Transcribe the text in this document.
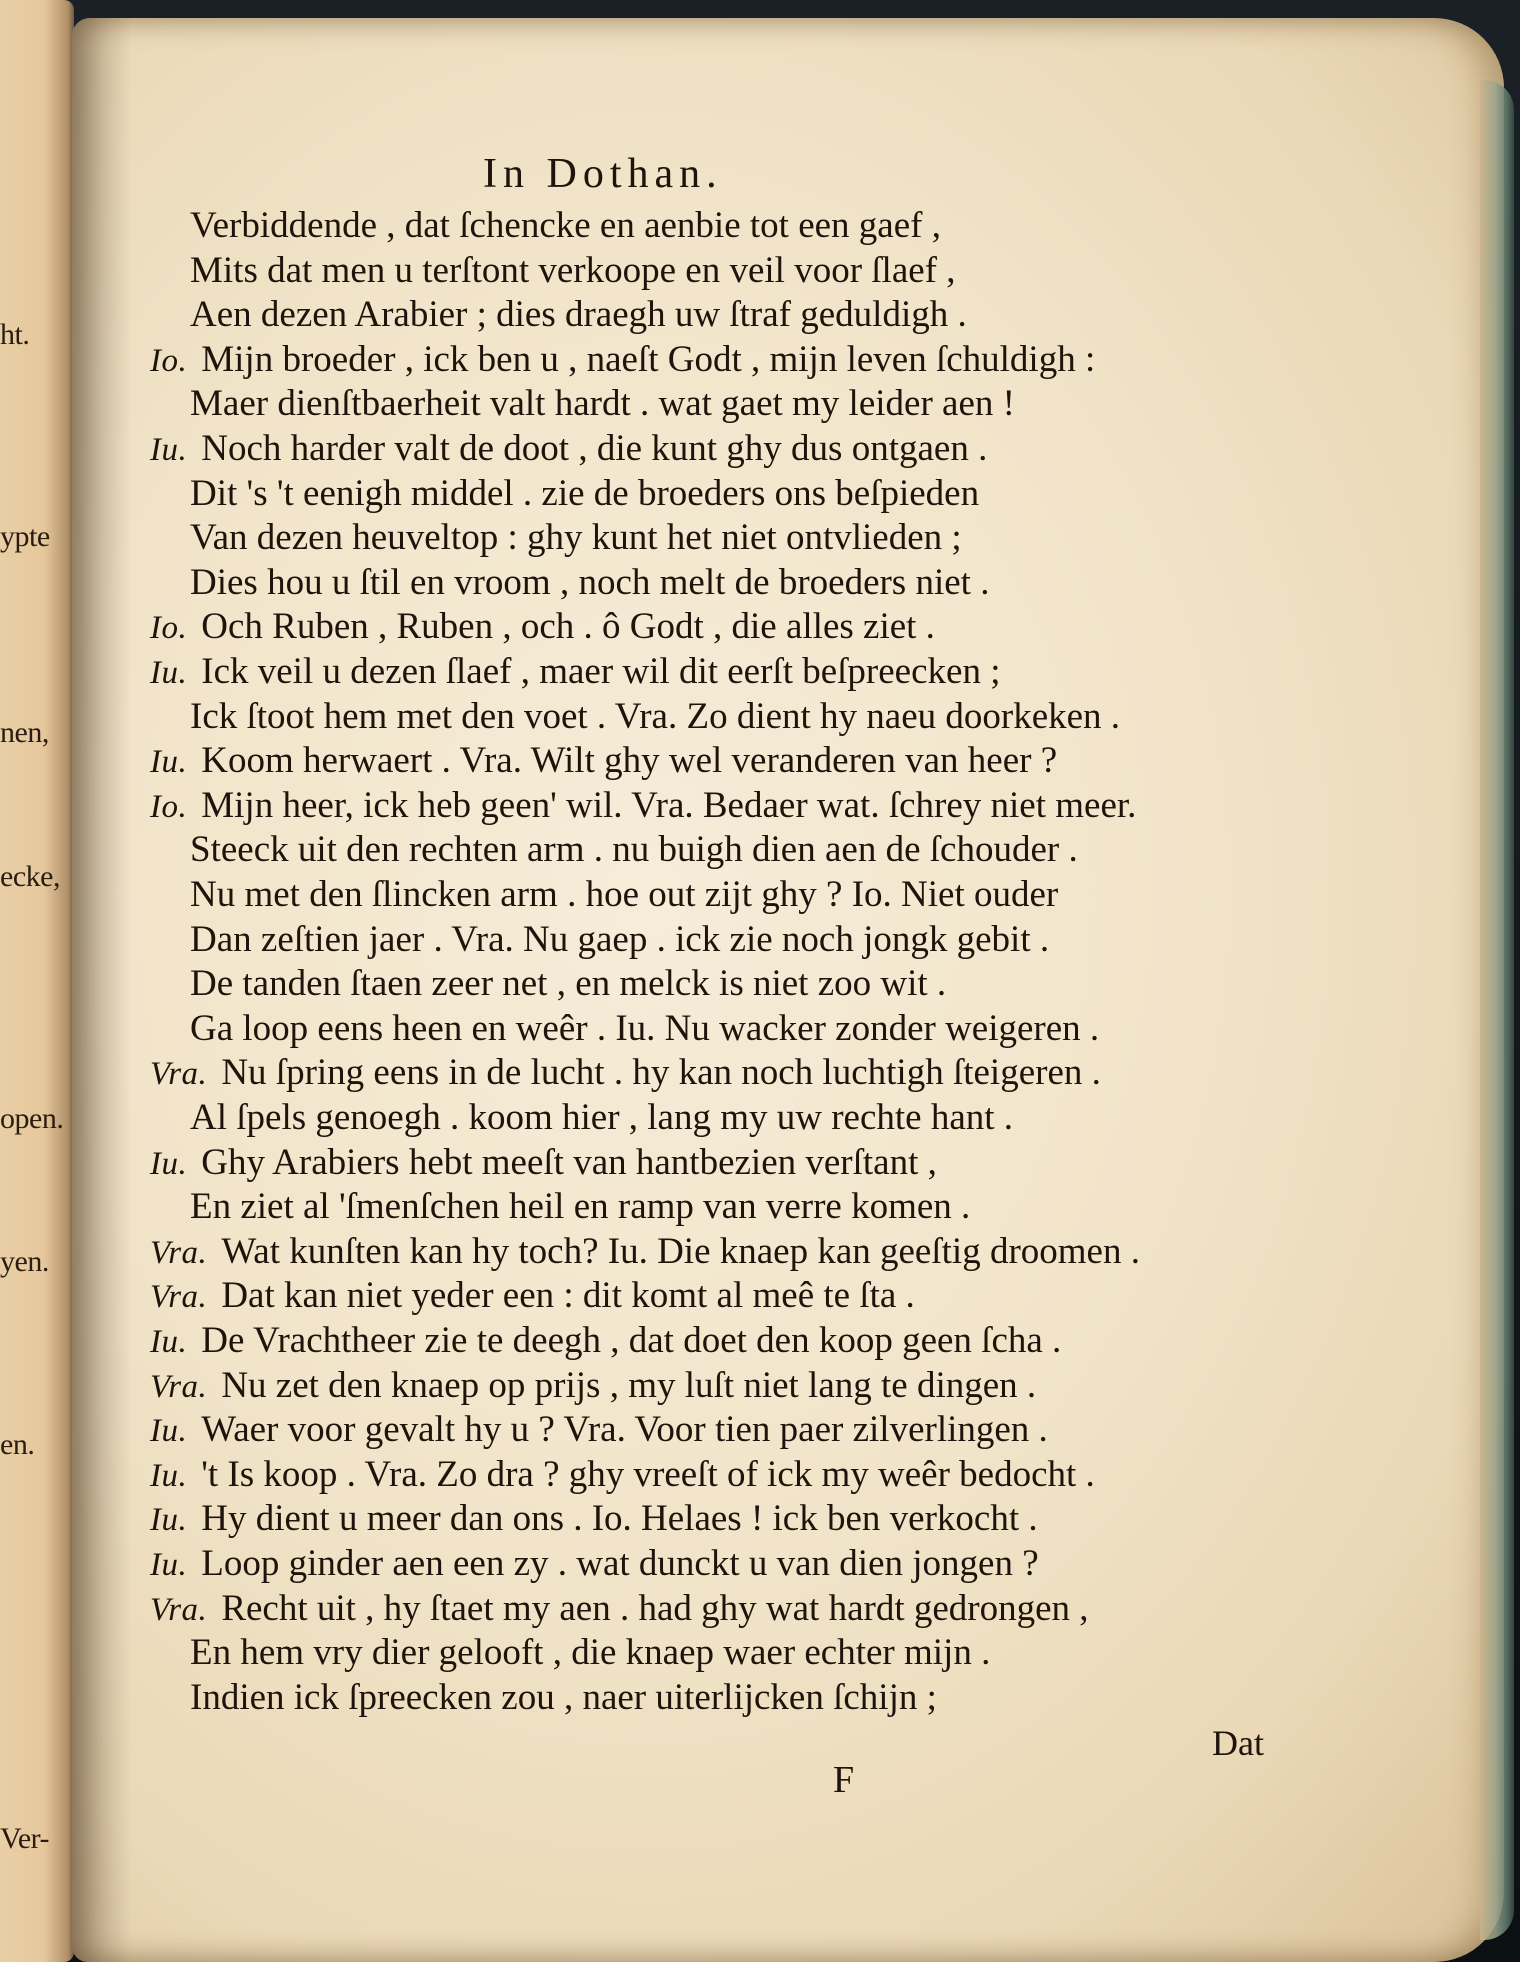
ht.
ypte
nen,
ecke,
open.
yen.
en.
Ver-
In Dothan.
Verbiddende , dat ſchencke en aenbie tot een gaef ,
Mits dat men u terſtont verkoope en veil voor ſlaef ,
Aen dezen Arabier ; dies draegh uw ſtraf geduldigh .
Io. Mijn broeder , ick ben u , naeſt Godt , mijn leven ſchuldigh :
Maer dienſtbaerheit valt hardt . wat gaet my leider aen !
Iu. Noch harder valt de doot , die kunt ghy dus ontgaen .
Dit 's 't eenigh middel . zie de broeders ons beſpieden
Van dezen heuveltop : ghy kunt het niet ontvlieden ;
Dies hou u ſtil en vroom , noch melt de broeders niet .
Io. Och Ruben , Ruben , och . ô Godt , die alles ziet .
Iu. Ick veil u dezen ſlaef , maer wil dit eerſt beſpreecken ;
Ick ſtoot hem met den voet . Vra. Zo dient hy naeu doorkeken .
Iu. Koom herwaert . Vra. Wilt ghy wel veranderen van heer ?
Io. Mijn heer, ick heb geen' wil. Vra. Bedaer wat. ſchrey niet meer.
Steeck uit den rechten arm . nu buigh dien aen de ſchouder .
Nu met den ſlincken arm . hoe out zijt ghy ? Io. Niet ouder
Dan zeſtien jaer . Vra. Nu gaep . ick zie noch jongk gebit .
De tanden ſtaen zeer net , en melck is niet zoo wit .
Ga loop eens heen en weêr . Iu. Nu wacker zonder weigeren .
Vra. Nu ſpring eens in de lucht . hy kan noch luchtigh ſteigeren .
Al ſpels genoegh . koom hier , lang my uw rechte hant .
Iu. Ghy Arabiers hebt meeſt van hantbezien verſtant ,
En ziet al 'ſmenſchen heil en ramp van verre komen .
Vra. Wat kunſten kan hy toch? Iu. Die knaep kan geeſtig droomen .
Vra. Dat kan niet yeder een : dit komt al meê te ſta .
Iu. De Vrachtheer zie te deegh , dat doet den koop geen ſcha .
Vra. Nu zet den knaep op prijs , my luſt niet lang te dingen .
Iu. Waer voor gevalt hy u ? Vra. Voor tien paer zilverlingen .
Iu. 't Is koop . Vra. Zo dra ? ghy vreeſt of ick my weêr bedocht .
Iu. Hy dient u meer dan ons . Io. Helaes ! ick ben verkocht .
Iu. Loop ginder aen een zy . wat dunckt u van dien jongen ?
Vra. Recht uit , hy ſtaet my aen . had ghy wat hardt gedrongen ,
En hem vry dier gelooft , die knaep waer echter mijn .
Indien ick ſpreecken zou , naer uiterlijcken ſchijn ;
Dat
F
